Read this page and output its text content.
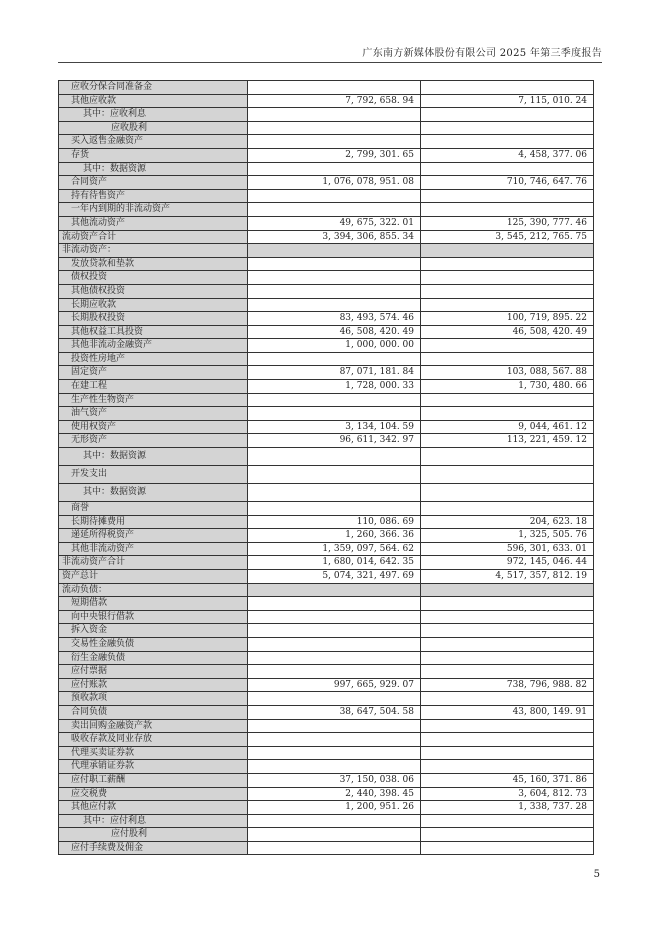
广东南方新媒体股份有限公司 2025 年第三季度报告
应收分保合同准备金		
其他应收款	7, 792, 658. 94	7, 115, 010. 24
其中：应收利息		
应收股利		
买入返售金融资产		
存货	2, 799, 301. 65	4, 458, 377. 06
其中：数据资源		
合同资产	1, 076, 078, 951. 08	710, 746, 647. 76
持有待售资产		
一年内到期的非流动资产		
其他流动资产	49, 675, 322. 01	125, 390, 777. 46
流动资产合计	3, 394, 306, 855. 34	3, 545, 212, 765. 75
非流动资产：		
发放贷款和垫款		
债权投资		
其他债权投资		
长期应收款		
长期股权投资	83, 493, 574. 46	100, 719, 895. 22
其他权益工具投资	46, 508, 420. 49	46, 508, 420. 49
其他非流动金融资产	1, 000, 000. 00	
投资性房地产		
固定资产	87, 071, 181. 84	103, 088, 567. 88
在建工程	1, 728, 000. 33	1, 730, 480. 66
生产性生物资产		
油气资产		
使用权资产	3, 134, 104. 59	9, 044, 461. 12
无形资产	96, 611, 342. 97	113, 221, 459. 12
其中：数据资源		
开发支出		
其中：数据资源		
商誉		
长期待摊费用	110, 086. 69	204, 623. 18
递延所得税资产	1, 260, 366. 36	1, 325, 505. 76
其他非流动资产	1, 359, 097, 564. 62	596, 301, 633. 01
非流动资产合计	1, 680, 014, 642. 35	972, 145, 046. 44
资产总计	5, 074, 321, 497. 69	4, 517, 357, 812. 19
流动负债：		
短期借款		
向中央银行借款		
拆入资金		
交易性金融负债		
衍生金融负债		
应付票据		
应付账款	997, 665, 929. 07	738, 796, 988. 82
预收款项		
合同负债	38, 647, 504. 58	43, 800, 149. 91
卖出回购金融资产款		
吸收存款及同业存放		
代理买卖证券款		
代理承销证券款		
应付职工薪酬	37, 150, 038. 06	45, 160, 371. 86
应交税费	2, 440, 398. 45	3, 604, 812. 73
其他应付款	1, 200, 951. 26	1, 338, 737. 28
其中：应付利息		
应付股利		
应付手续费及佣金		
5
